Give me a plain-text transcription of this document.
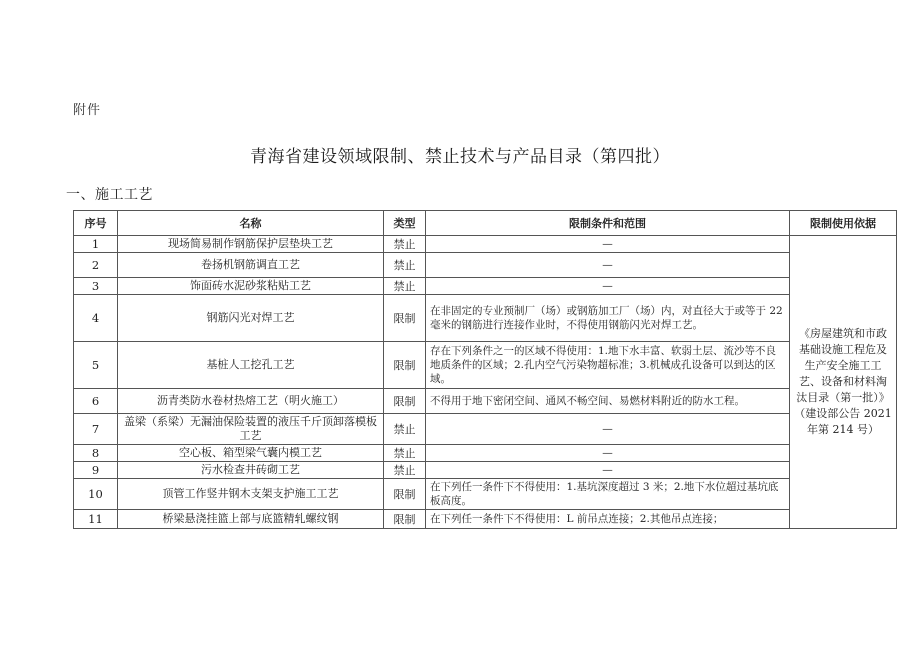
附件
青海省建设领域限制、禁止技术与产品目录（第四批）
一、施工工艺
序号	名称	类型	限制条件和范围	限制使用依据
1	现场简易制作钢筋保护层垫块工艺	禁止	—	《房屋建筑和市政基础设施工程危及生产安全施工工艺、设备和材料淘汰目录（第一批）》（建设部公告 2021 年第 214 号）
2	卷扬机钢筋调直工艺	禁止	—	
3	饰面砖水泥砂浆粘贴工艺	禁止	—	
4	钢筋闪光对焊工艺	限制	在非固定的专业预制厂（场）或钢筋加工厂（场）内，对直径大于或等于 22 毫米的钢筋进行连接作业时，不得使用钢筋闪光对焊工艺。	
5	基桩人工挖孔工艺	限制	存在下列条件之一的区域不得使用：1.地下水丰富、软弱土层、流沙等不良地质条件的区域；2.孔内空气污染物超标准；3.机械成孔设备可以到达的区域。	
6	沥青类防水卷材热熔工艺（明火施工）	限制	不得用于地下密闭空间、通风不畅空间、易燃材料附近的防水工程。	
7	盖梁（系梁）无漏油保险装置的液压千斤顶卸落模板工艺	禁止	—	
8	空心板、箱型梁气囊内模工艺	禁止	—	
9	污水检查井砖砌工艺	禁止	—	
10	顶管工作竖井钢木支架支护施工工艺	限制	在下列任一条件下不得使用：1.基坑深度超过 3 米；2.地下水位超过基坑底板高度。	
11	桥梁悬浇挂篮上部与底篮精轧螺纹钢	限制	在下列任一条件下不得使用：L 前吊点连接；2.其他吊点连接；	
